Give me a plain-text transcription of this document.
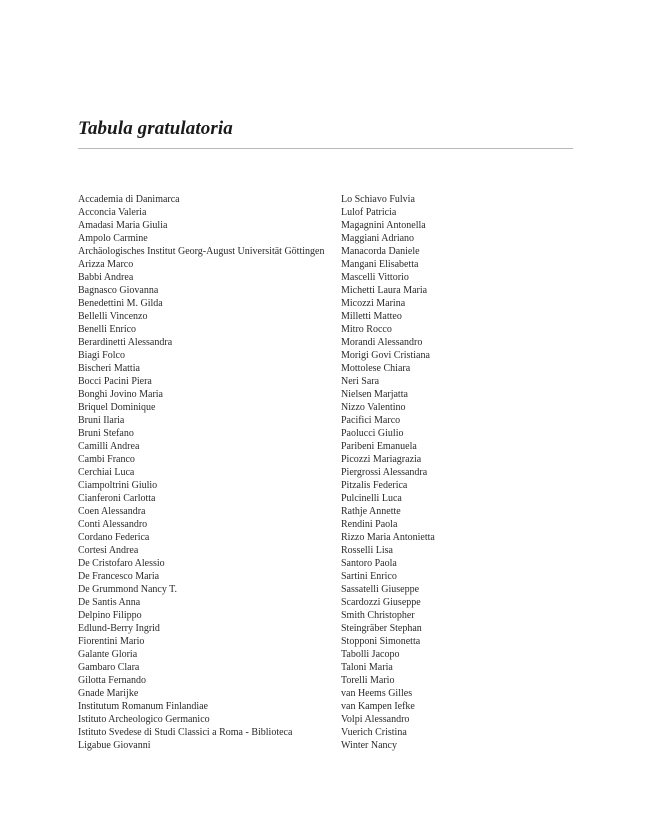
Tabula gratulatoria
Accademia di Danimarca
Acconcia Valeria
Amadasi Maria Giulia
Ampolo Carmine
Archäologisches Institut Georg-August Universität Göttingen
Arizza Marco
Babbi Andrea
Bagnasco Giovanna
Benedettini M. Gilda
Bellelli Vincenzo
Benelli Enrico
Berardinetti Alessandra
Biagi Folco
Bischeri Mattia
Bocci Pacini Piera
Bonghi Jovino Maria
Briquel Dominique
Bruni Ilaria
Bruni Stefano
Camilli Andrea
Cambi Franco
Cerchiai Luca
Ciampoltrini Giulio
Cianferoni Carlotta
Coen Alessandra
Conti Alessandro
Cordano Federica
Cortesi Andrea
De Cristofaro Alessio
De Francesco Maria
De Grummond Nancy T.
De Santis Anna
Delpino Filippo
Edlund-Berry Ingrid
Fiorentini Mario
Galante Gloria
Gambaro Clara
Gilotta Fernando
Gnade Marijke
Institutum Romanum Finlandiae
Istituto Archeologico Germanico
Istituto Svedese di Studi Classici a Roma - Biblioteca
Ligabue Giovanni
Lo Schiavo Fulvia
Lulof Patricia
Magagnini Antonella
Maggiani Adriano
Manacorda Daniele
Mangani Elisabetta
Mascelli Vittorio
Michetti Laura Maria
Micozzi Marina
Milletti Matteo
Mitro Rocco
Morandi Alessandro
Morigi Govi Cristiana
Mottolese Chiara
Neri Sara
Nielsen Marjatta
Nizzo Valentino
Pacifici Marco
Paolucci Giulio
Paribeni Emanuela
Picozzi Mariagrazia
Piergrossi Alessandra
Pitzalis Federica
Pulcinelli Luca
Rathje Annette
Rendini Paola
Rizzo Maria Antonietta
Rosselli Lisa
Santoro Paola
Sartini Enrico
Sassatelli Giuseppe
Scardozzi Giuseppe
Smith Christopher
Steingräber Stephan
Stopponi Simonetta
Tabolli Jacopo
Taloni Maria
Torelli Mario
van Heems Gilles
van Kampen Iefke
Volpi Alessandro
Vuerich Cristina
Winter Nancy
